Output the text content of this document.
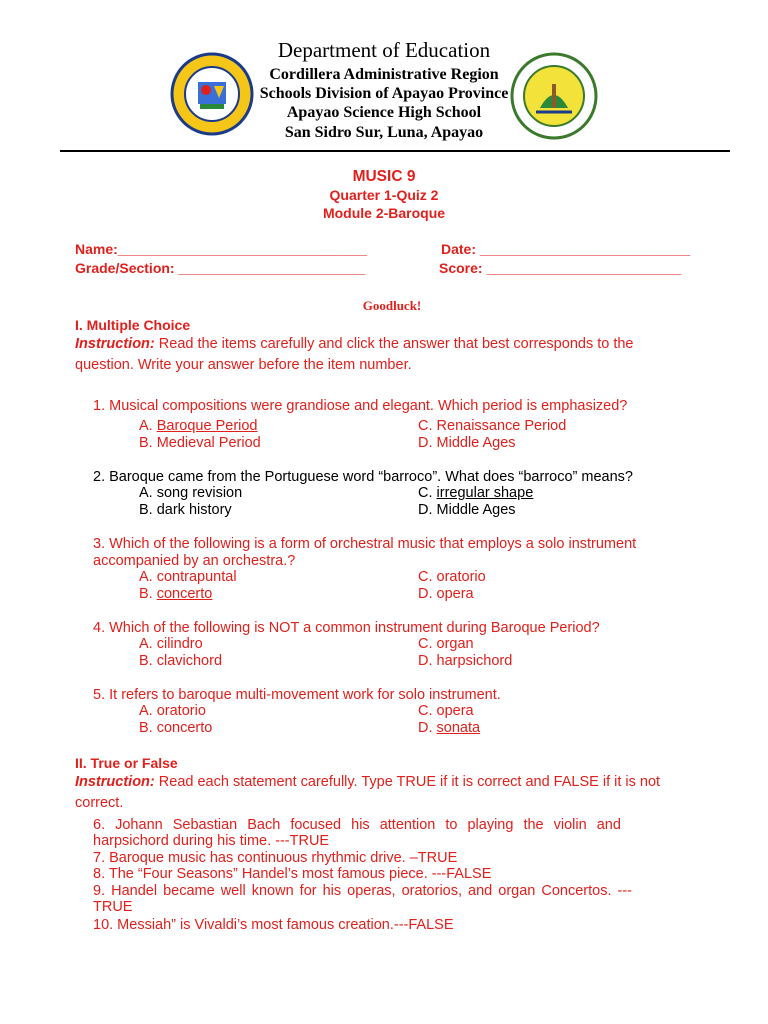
Department of Education
Cordillera Administrative Region
Schools Division of Apayao Province
Apayao Science High School
San Sidro Sur, Luna, Apayao
MUSIC 9
Quarter 1-Quiz 2
Module 2-Baroque
Name:________________________________	Date: ___________________________
Grade/Section: ________________________	Score: _________________________
Goodluck!
I. Multiple Choice
Instruction: Read the items carefully and click the answer that best corresponds to the
question. Write your answer before the item number.
1. Musical compositions were grandiose and elegant. Which period is emphasized?
A. Baroque Period	C. Renaissance Period
B. Medieval Period	D. Middle Ages
2. Baroque came from the Portuguese word “barroco”. What does “barroco” means?
A. song revision	C. irregular shape
B. dark history	D. Middle Ages
3. Which of the following is a form of orchestral music that employs a solo instrument
accompanied by an orchestra.?
A. contrapuntal	C. oratorio
B. concerto	D. opera
4. Which of the following is NOT a common instrument during Baroque Period?
A. cilindro	C. organ
B. clavichord	D. harpsichord
5. It refers to baroque multi-movement work for solo instrument.
A. oratorio	C. opera
B. concerto	D. sonata
II. True or False
Instruction: Read each statement carefully. Type TRUE if it is correct and FALSE if it is not
correct.
6. Johann Sebastian Bach focused his attention to playing the violin and
harpsichord during his time. ---TRUE
7. Baroque music has continuous rhythmic drive. –TRUE
8. The “Four Seasons” Handel’s most famous piece. ---FALSE
9. Handel became well known for his operas, oratorios, and organ Concertos. ---
TRUE
10. Messiah” is Vivaldi’s most famous creation.---FALSE
